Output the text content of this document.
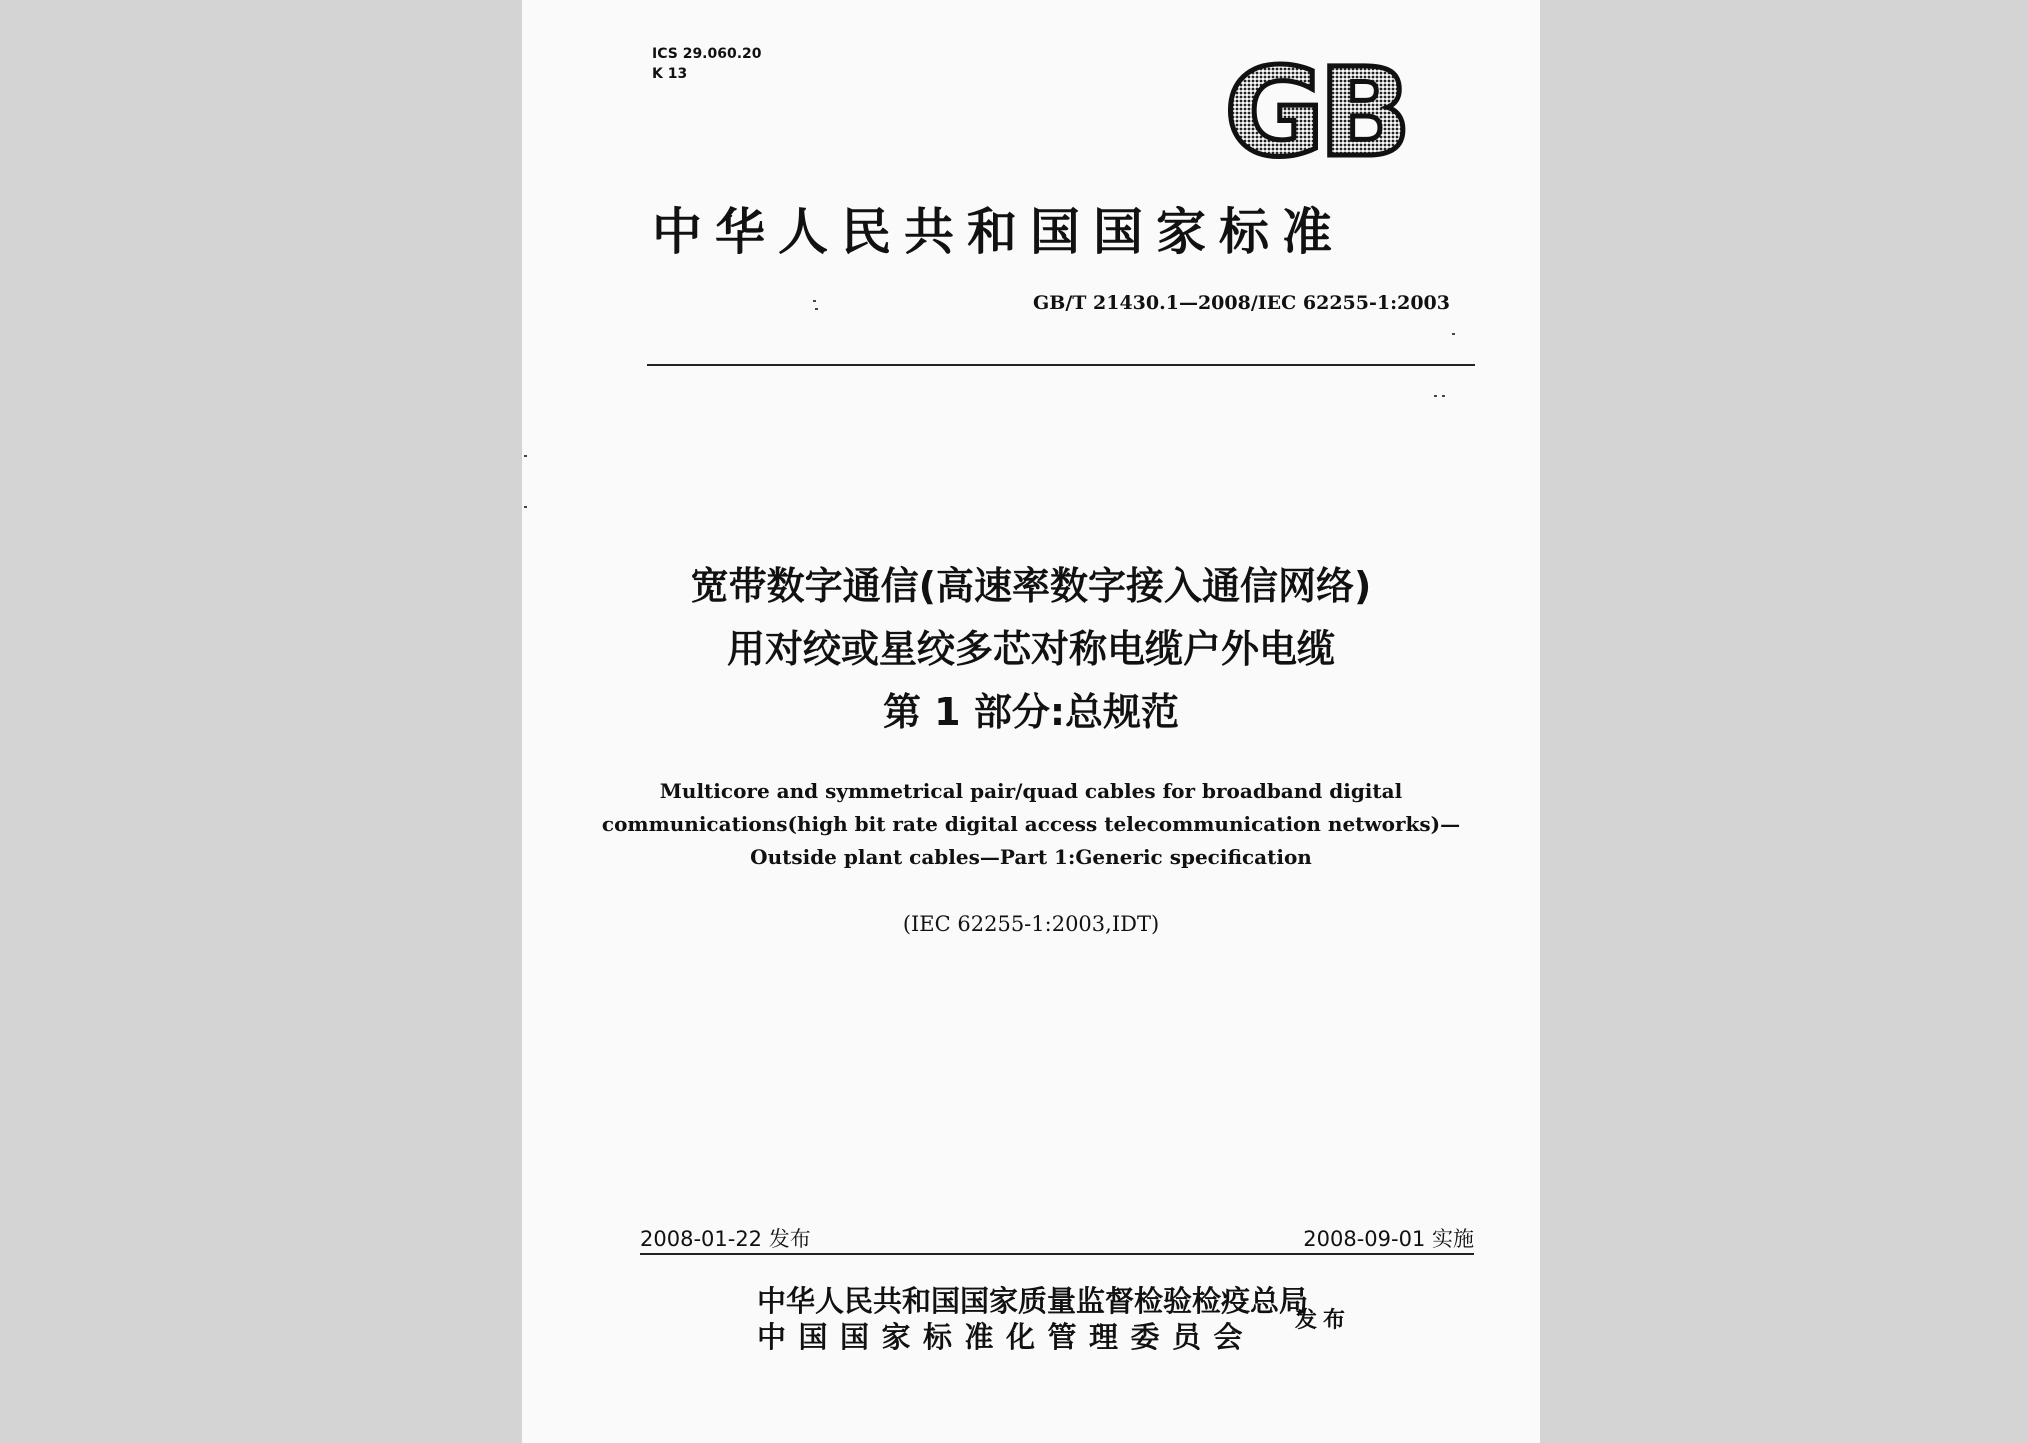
ICS 29.060.20
K 13	GB
中华人民共和国国家标准
GB/T 21430.1—2008/IEC 62255-1:2003
宽带数字通信(高速率数字接入通信网络)
用对绞或星绞多芯对称电缆户外电缆
第 1 部分:总规范
Multicore and symmetrical pair/quad cables for broadband digital
communications(high bit rate digital access telecommunication networks)—
Outside plant cables—Part 1:Generic specification
(IEC 62255-1:2003,IDT)
2008-01-22 发布	2008-09-01 实施
中华人民共和国国家质量监督检验检疫总局
中国国家标准化管理委员会	发布
